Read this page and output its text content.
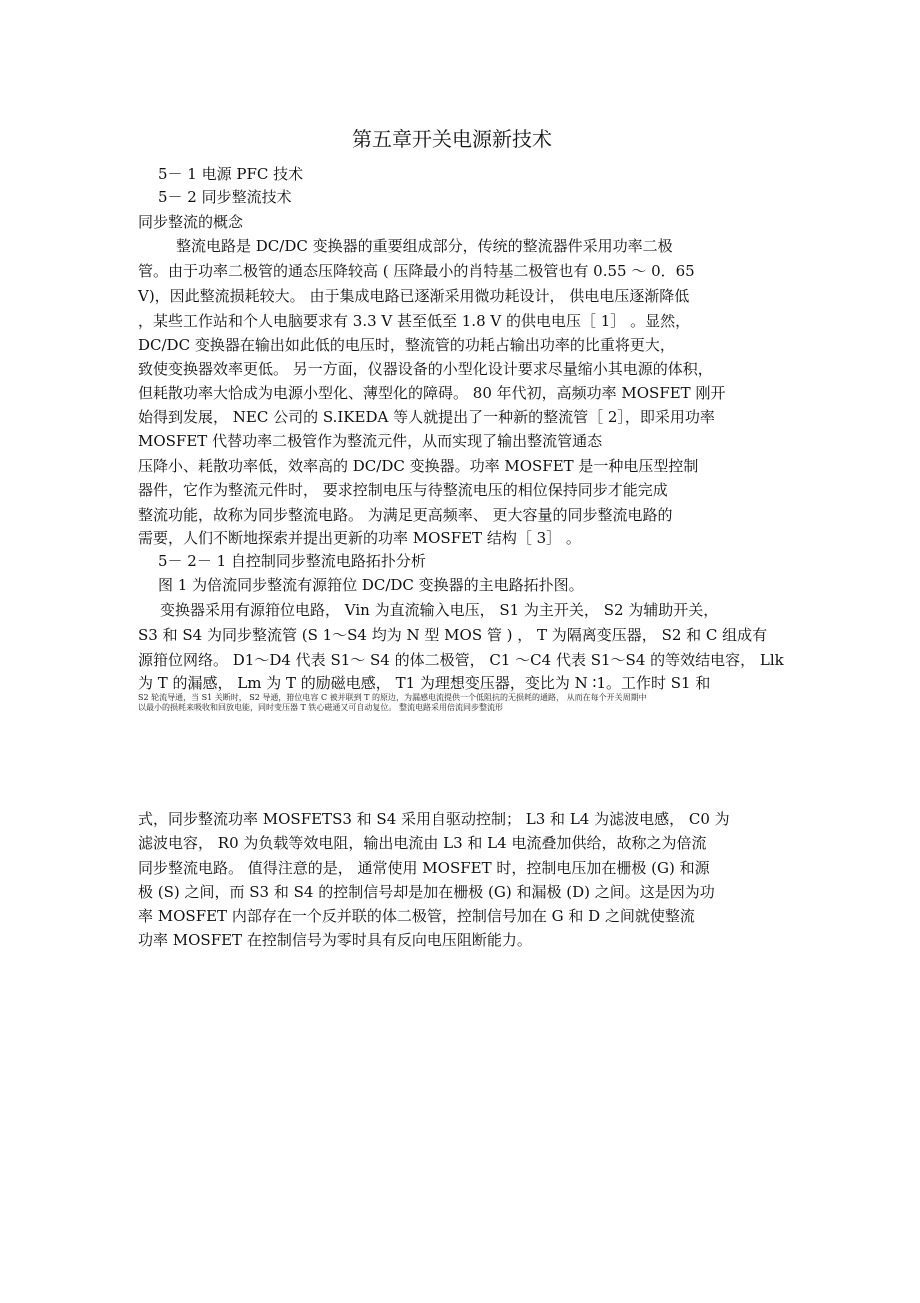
第五章开关电源新技术
5－ 1 电源 PFC 技术
5－ 2 同步整流技术
同步整流的概念
整流电路是 DC/DC 变换器的重要组成部分，传统的整流器件采用功率二极
管。由于功率二极管的通态压降较高 ( 压降最小的肖特基二极管也有 0.55 ～ 0．65
V)，因此整流损耗较大。 由于集成电路已逐渐采用微功耗设计， 供电电压逐渐降低
，某些工作站和个人电脑要求有 3.3 V 甚至低至 1.8 V 的供电电压［ 1］ 。显然，
DC/DC 变换器在输出如此低的电压时，整流管的功耗占输出功率的比重将更大，
致使变换器效率更低。 另一方面，仪器设备的小型化设计要求尽量缩小其电源的体积，
但耗散功率大恰成为电源小型化、薄型化的障碍。 80 年代初，高频功率 MOSFET 刚开
始得到发展， NEC 公司的 S.IKEDA 等人就提出了一种新的整流管［ 2］，即采用功率
MOSFET 代替功率二极管作为整流元件，从而实现了输出整流管通态
压降小、耗散功率低，效率高的 DC/DC 变换器。功率 MOSFET 是一种电压型控制
器件，它作为整流元件时， 要求控制电压与待整流电压的相位保持同步才能完成
整流功能，故称为同步整流电路。 为满足更高频率、 更大容量的同步整流电路的
需要，人们不断地探索并提出更新的功率 MOSFET 结构［ 3］ 。
5－ 2－ 1 自控制同步整流电路拓扑分析
图 1 为倍流同步整流有源箝位 DC/DC 变换器的主电路拓扑图。
变换器采用有源箝位电路， Vin 为直流输入电压， S1 为主开关， S2 为辅助开关，
S3 和 S4 为同步整流管 (S 1～S4 均为 N 型 MOS 管 ) ， T 为隔离变压器， S2 和 C 组成有
源箝位网络。 D1～D4 代表 S1～ S4 的体二极管， C1 ～C4 代表 S1～S4 的等效结电容， Llk
为 T 的漏感， Lm 为 T 的励磁电感， T1 为理想变压器，变比为 N ∶1。工作时 S1 和
S2 轮流导通，当 S1 关断时， S2 导通，箝位电容 C 被并联到 T 的原边，为漏感电流提供一个低阻抗的无损耗的通路， 从而在每个开关周期中
以最小的损耗来吸收和回放电能，同时变压器 T 铁心磁通又可自动复位。 整流电路采用倍流同步整流形
式，同步整流功率 MOSFETS3 和 S4 采用自驱动控制； L3 和 L4 为滤波电感， C0 为
滤波电容， R0 为负载等效电阻，输出电流由 L3 和 L4 电流叠加供给，故称之为倍流
同步整流电路。 值得注意的是， 通常使用 MOSFET 时，控制电压加在栅极 (G) 和源
极 (S) 之间，而 S3 和 S4 的控制信号却是加在栅极 (G) 和漏极 (D) 之间。这是因为功
率 MOSFET 内部存在一个反并联的体二极管，控制信号加在 G 和 D 之间就使整流
功率 MOSFET 在控制信号为零时具有反向电压阻断能力。
